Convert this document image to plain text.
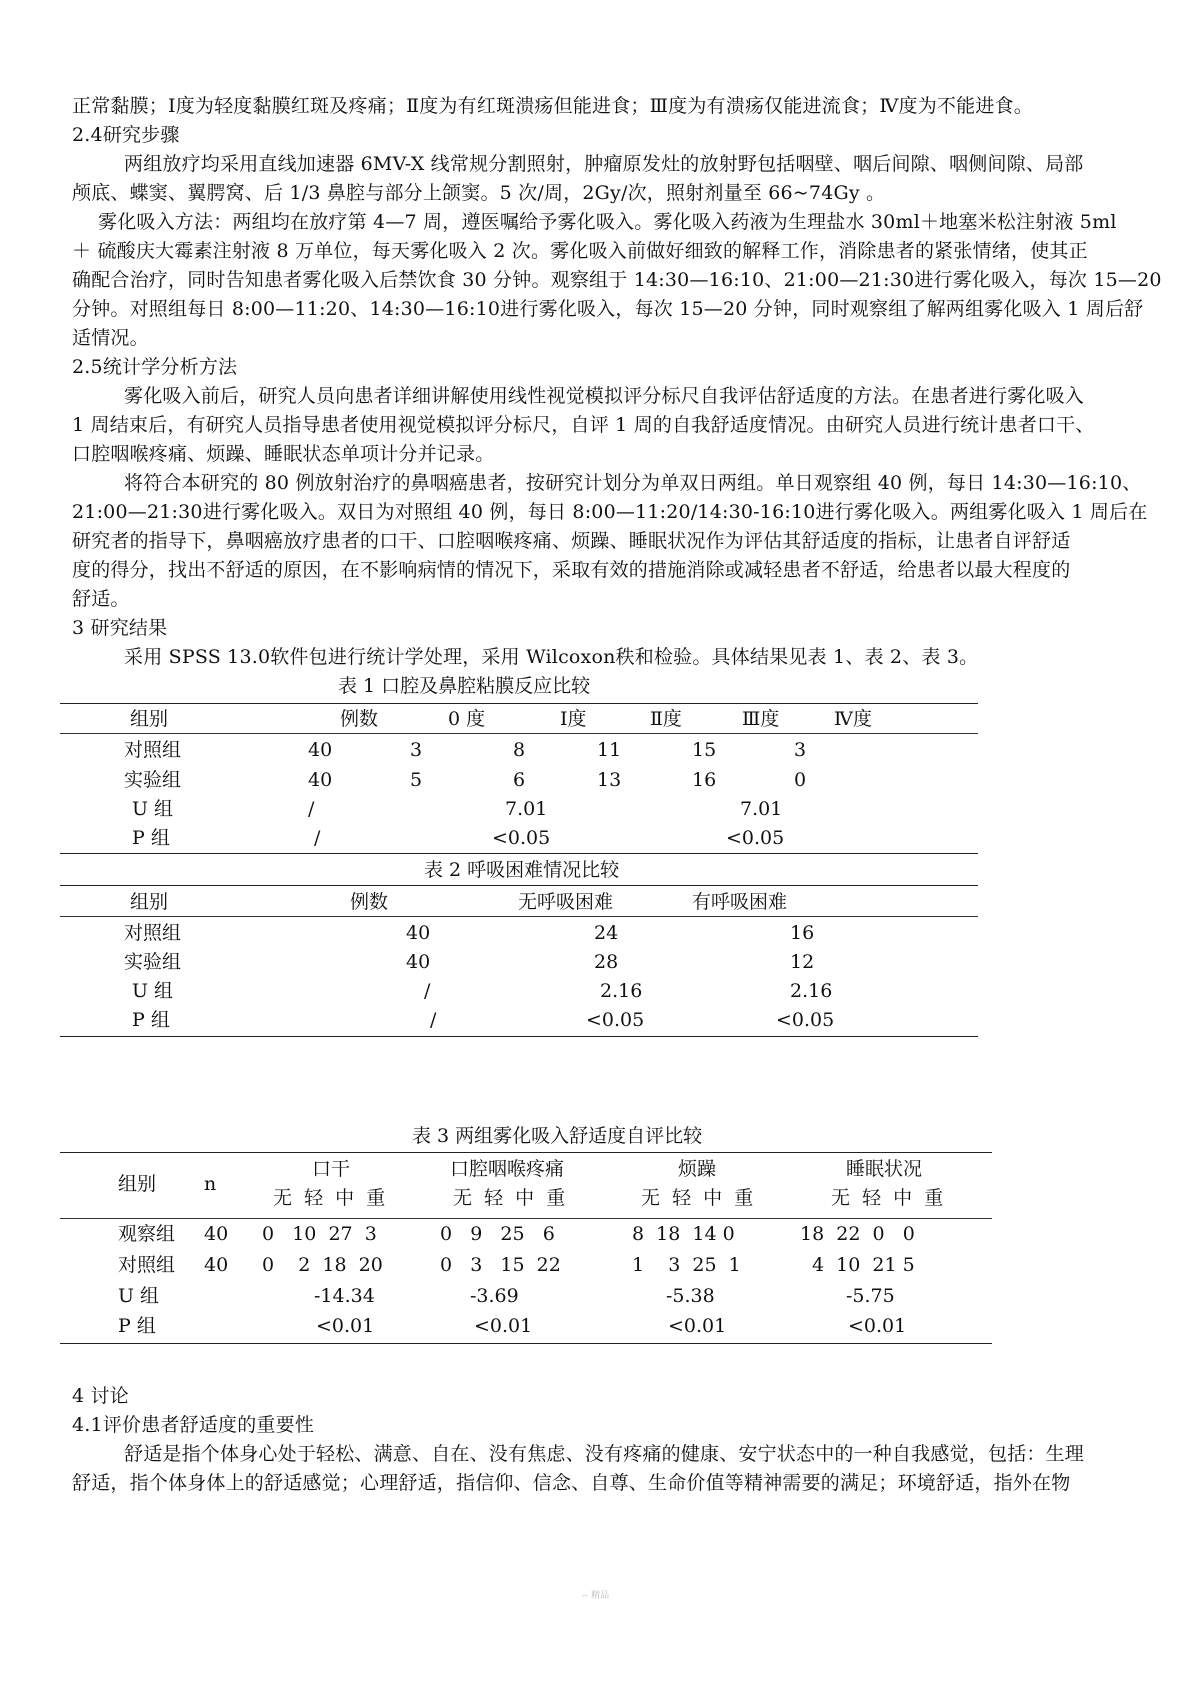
正常黏膜；Ⅰ度为轻度黏膜红斑及疼痛；Ⅱ度为有红斑溃疡但能进食；Ⅲ度为有溃疡仅能进流食；Ⅳ度为不能进食。
2.4研究步骤
两组放疗均采用直线加速器 6MV-X 线常规分割照射，肿瘤原发灶的放射野包括咽壁、咽后间隙、咽侧间隙、局部
颅底、蝶窦、翼腭窝、后 1/3 鼻腔与部分上颌窦。5 次/周，2Gy/次，照射剂量至 66~74Gy 。
雾化吸入方法：两组均在放疗第 4—7 周，遵医嘱给予雾化吸入。雾化吸入药液为生理盐水 30ml＋地塞米松注射液 5ml
＋ 硫酸庆大霉素注射液 8 万单位，每天雾化吸入 2 次。雾化吸入前做好细致的解释工作，消除患者的紧张情绪，使其正
确配合治疗，同时告知患者雾化吸入后禁饮食 30 分钟。观察组于 14:30—16:10、21:00—21:30进行雾化吸入，每次 15—20
分钟。对照组每日 8:00—11:20、14:30—16:10进行雾化吸入，每次 15—20 分钟，同时观察组了解两组雾化吸入 1 周后舒
适情况。
2.5统计学分析方法
雾化吸入前后，研究人员向患者详细讲解使用线性视觉模拟评分标尺自我评估舒适度的方法。在患者进行雾化吸入
1 周结束后，有研究人员指导患者使用视觉模拟评分标尺，自评 1 周的自我舒适度情况。由研究人员进行统计患者口干、
口腔咽喉疼痛、烦躁、睡眠状态单项计分并记录。
将符合本研究的 80 例放射治疗的鼻咽癌患者，按研究计划分为单双日两组。单日观察组 40 例，每日 14:30—16:10、
21:00—21:30进行雾化吸入。双日为对照组 40 例，每日 8:00—11:20/14:30-16:10进行雾化吸入。两组雾化吸入 1 周后在
研究者的指导下，鼻咽癌放疗患者的口干、口腔咽喉疼痛、烦躁、睡眠状况作为评估其舒适度的指标，让患者自评舒适
度的得分，找出不舒适的原因，在不影响病情的情况下，采取有效的措施消除或减轻患者不舒适，给患者以最大程度的
舒适。
3 研究结果
采用 SPSS 13.0软件包进行统计学处理，采用 Wilcoxon秩和检验。具体结果见表 1、表 2、表 3。
表 1 口腔及鼻腔粘膜反应比较
组别	例数	0 度	Ⅰ度	Ⅱ度	Ⅲ度	Ⅳ度
对照组	40	3	8	11	15	3
实验组	40	5	6	13	16	0
U 组	/	7.01	7.01
P 组	/	<0.05	<0.05
表 2 呼吸困难情况比较
组别	例数	无呼吸困难	有呼吸困难
对照组	40	24	16
实验组	40	28	12
U 组	/	2.16	2.16
P 组	/	<0.05	<0.05
表 3 两组雾化吸入舒适度自评比较
组别	n
口干	口腔咽喉疼痛	烦躁	睡眠状况
无  轻  中  重	无  轻  中  重	无  轻  中  重	无  轻  中  重
观察组 40 0   10  27  3	0   9   25   6	8  18  14 0	18  22  0   0
对照组 40 0    2  18  20	0   3   15  22	1    3  25  1	4  10  21 5
U 组	-14.34	-3.69	-5.38	-5.75
P 组	<0.01	<0.01	<0.01	<0.01
4 讨论
4.1评价患者舒适度的重要性
舒适是指个体身心处于轻松、满意、自在、没有焦虑、没有疼痛的健康、安宁状态中的一种自我感觉，包括：生理
舒适，指个体身体上的舒适感觉；心理舒适，指信仰、信念、自尊、生命价值等精神需要的满足；环境舒适，指外在物
-- 精品
